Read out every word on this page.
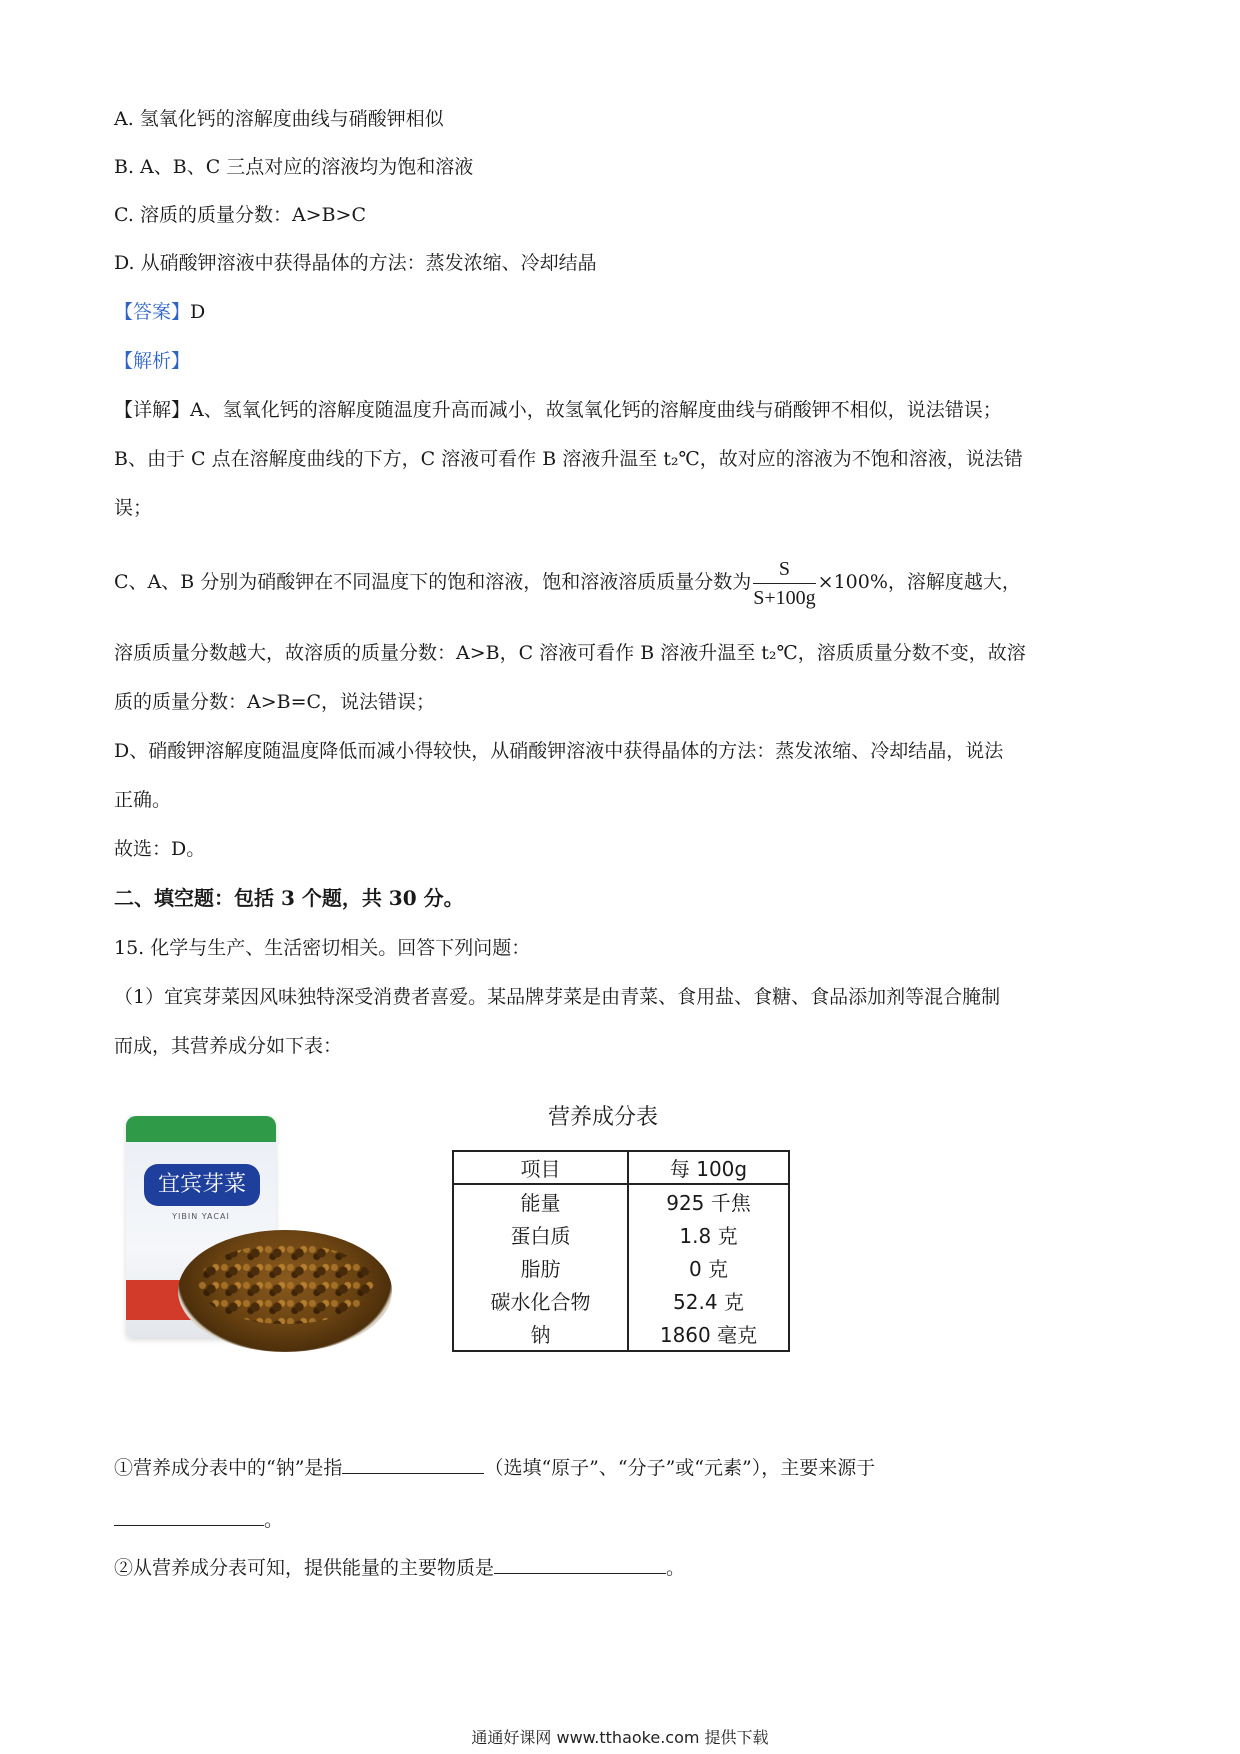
A. 氢氧化钙的溶解度曲线与硝酸钾相似
B. A、B、C 三点对应的溶液均为饱和溶液
C. 溶质的质量分数：A>B>C
D. 从硝酸钾溶液中获得晶体的方法：蒸发浓缩、冷却结晶
【答案】D
【解析】
【详解】A、氢氧化钙的溶解度随温度升高而减小，故氢氧化钙的溶解度曲线与硝酸钾不相似，说法错误；
B、由于 C 点在溶解度曲线的下方，C 溶液可看作 B 溶液升温至 t₂℃，故对应的溶液为不饱和溶液，说法错
误；
C、A、B 分别为硝酸钾在不同温度下的饱和溶液，饱和溶液溶质质量分数为 $\frac{S}{S+100g} \times 100\%$，溶解度越大，
溶质质量分数越大，故溶质的质量分数：A>B，C 溶液可看作 B 溶液升温至 t₂℃，溶质质量分数不变，故溶
质的质量分数：A>B=C，说法错误；
D、硝酸钾溶解度随温度降低而减小得较快，从硝酸钾溶液中获得晶体的方法：蒸发浓缩、冷却结晶，说法
正确。
故选：D。
二、填空题：包括 3 个题，共 30 分。
15. 化学与生产、生活密切相关。回答下列问题：
（1）宜宾芽菜因风味独特深受消费者喜爱。某品牌芽菜是由青菜、食用盐、食糖、食品添加剂等混合腌制
而成，其营养成分如下表：
宜宾芽菜
YIBIN YACAI
营养成分表
项目	每 100g
能量	925 千焦
蛋白质	1.8 克
脂肪	0 克
碳水化合物	52.4 克
钠	1860 毫克
①营养成分表中的“钠”是指	（选填“原子”、“分子”或“元素”），主要来源于
。
②从营养成分表可知，提供能量的主要物质是	。
通通好课网 www.tthaoke.com 提供下载
